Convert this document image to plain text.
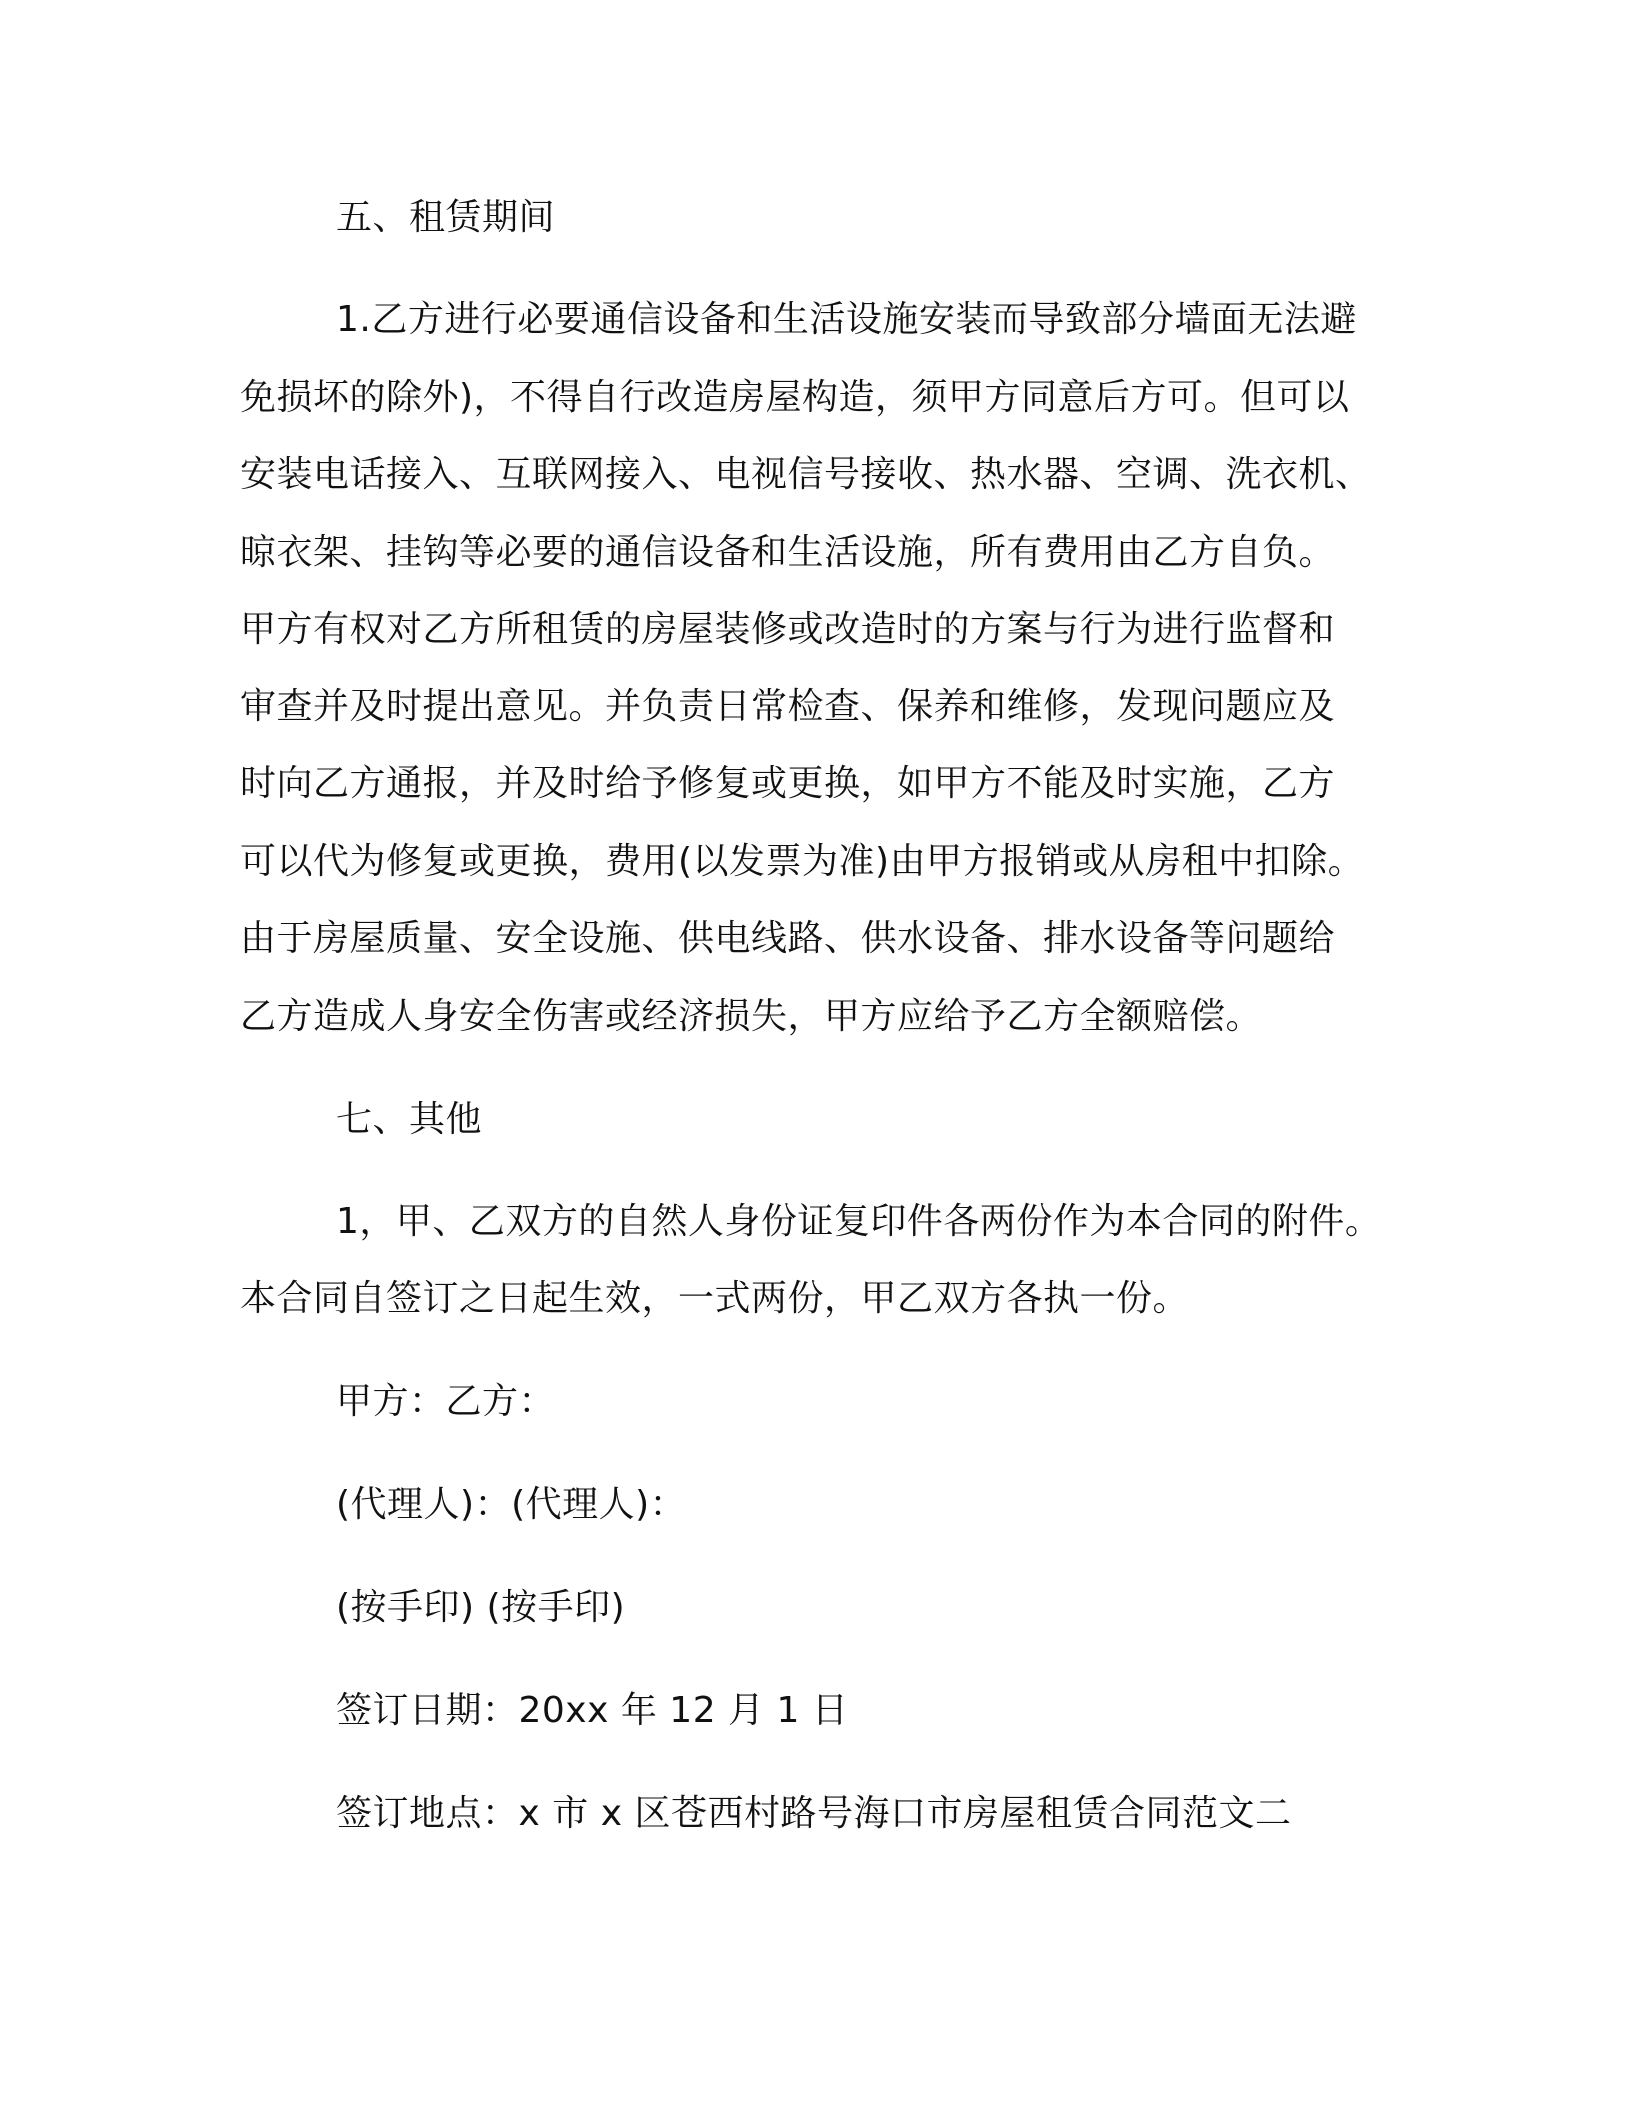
五、租赁期间
1.乙方进行必要通信设备和生活设施安装而导致部分墙面无法避
免损坏的除外)，不得自行改造房屋构造，须甲方同意后方可。但可以
安装电话接入、互联网接入、电视信号接收、热水器、空调、洗衣机、
晾衣架、挂钩等必要的通信设备和生活设施，所有费用由乙方自负。
甲方有权对乙方所租赁的房屋装修或改造时的方案与行为进行监督和
审查并及时提出意见。并负责日常检查、保养和维修，发现问题应及
时向乙方通报，并及时给予修复或更换，如甲方不能及时实施，乙方
可以代为修复或更换，费用(以发票为准)由甲方报销或从房租中扣除。
由于房屋质量、安全设施、供电线路、供水设备、排水设备等问题给
乙方造成人身安全伤害或经济损失，甲方应给予乙方全额赔偿。
七、其他
1，甲、乙双方的自然人身份证复印件各两份作为本合同的附件。
本合同自签订之日起生效，一式两份，甲乙双方各执一份。
甲方：乙方：
(代理人)：(代理人)：
(按手印) (按手印)
签订日期：20xx 年 12 月 1 日
签订地点：x 市 x 区苍西村路号海口市房屋租赁合同范文二
